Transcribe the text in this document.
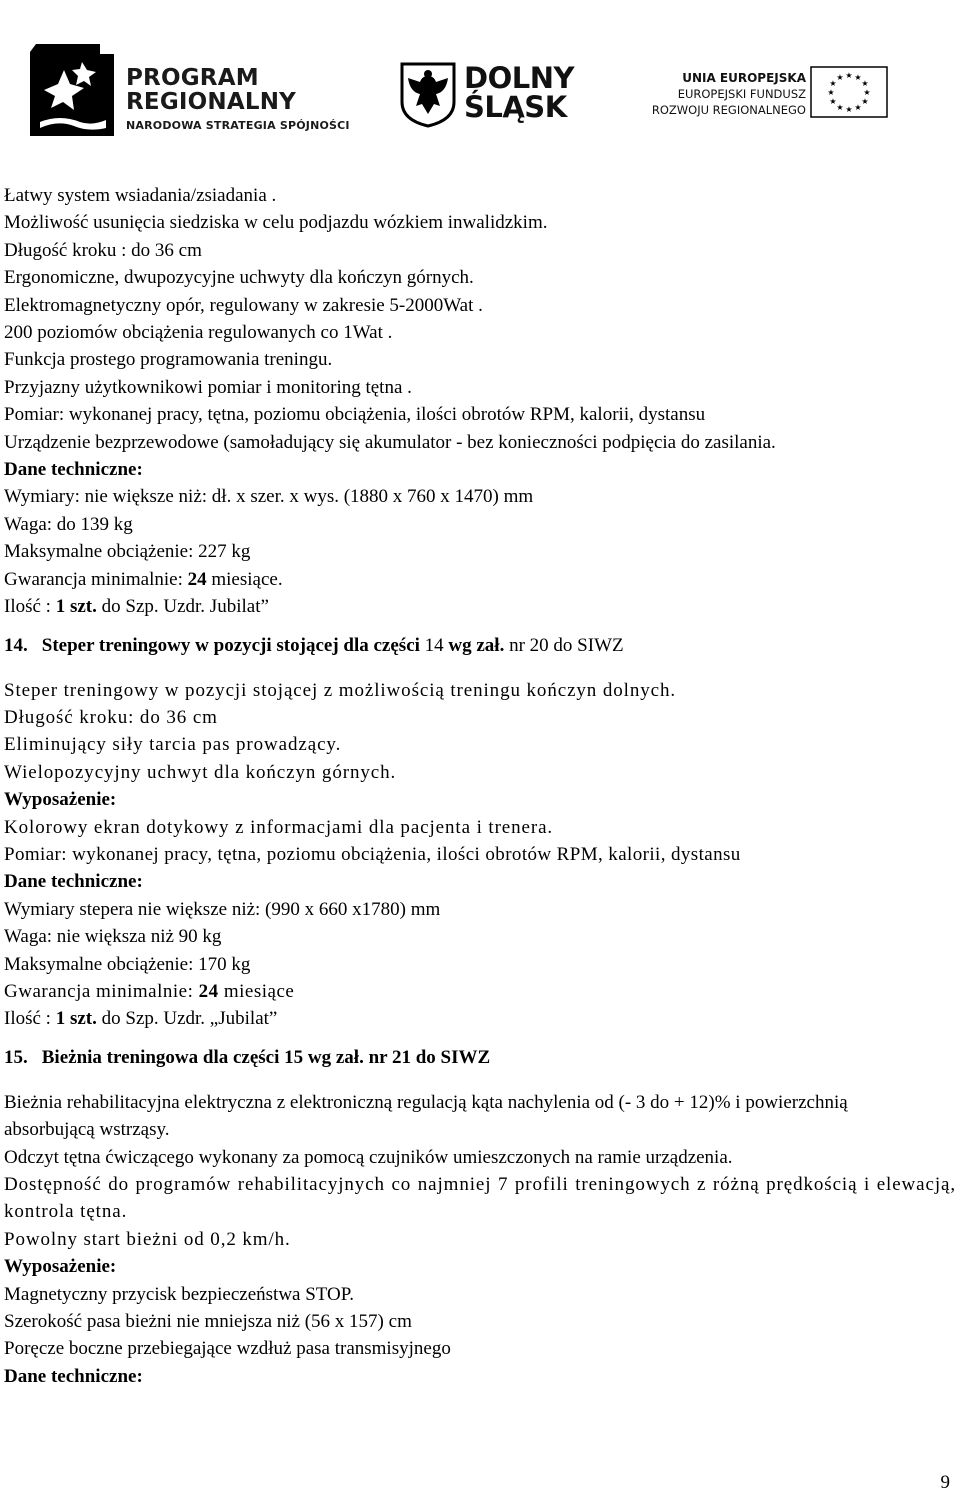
PROGRAM
REGIONALNY
NARODOWA STRATEGIA SPÓJNOŚCI
DOLNY
ŚLĄSK
UNIA EUROPEJSKA
EUROPEJSKI FUNDUSZ
ROZWOJU REGIONALNEGO
★ ★
★
★
★
★
★
★
★
★
★
★
Łatwy system wsiadania/zsiadania .
Możliwość usunięcia siedziska w celu podjazdu wózkiem inwalidzkim.
Długość kroku : do 36 cm
Ergonomiczne, dwupozycyjne uchwyty dla kończyn górnych.
Elektromagnetyczny opór, regulowany w zakresie 5-2000Wat .
200 poziomów obciążenia regulowanych co 1Wat .
Funkcja prostego programowania treningu.
Przyjazny użytkownikowi pomiar i monitoring tętna .
Pomiar: wykonanej pracy, tętna, poziomu obciążenia, ilości obrotów RPM, kalorii, dystansu
Urządzenie bezprzewodowe (samoładujący się akumulator - bez konieczności podpięcia do zasilania.
Dane techniczne:
Wymiary: nie większe niż: dł. x szer. x wys. (1880 x 760 x 1470) mm
Waga: do 139 kg
Maksymalne obciążenie: 227 kg
Gwarancja minimalnie: 24 miesiące.
Ilość : 1 szt. do Szp. Uzdr. Jubilat”
14. Steper treningowy w pozycji stojącej dla części 14 wg zał. nr 20 do SIWZ
Steper treningowy w pozycji stojącej z możliwością treningu kończyn dolnych.
Długość kroku: do 36 cm
Eliminujący siły tarcia pas prowadzący.
Wielopozycyjny uchwyt dla kończyn górnych.
Wyposażenie:
Kolorowy ekran dotykowy z informacjami dla pacjenta i trenera.
Pomiar: wykonanej pracy, tętna, poziomu obciążenia, ilości obrotów RPM, kalorii, dystansu
Dane techniczne:
Wymiary stepera nie większe niż: (990 x 660 x1780) mm
Waga: nie większa niż 90 kg
Maksymalne obciążenie: 170 kg
Gwarancja minimalnie: 24 miesiące
Ilość : 1 szt. do Szp. Uzdr. „Jubilat”
15. Bieżnia treningowa dla części 15 wg zał. nr 21 do SIWZ
Bieżnia rehabilitacyjna elektryczna z elektroniczną regulacją kąta nachylenia od (- 3 do + 12)% i powierzchnią absorbującą wstrząsy.
Odczyt tętna ćwiczącego wykonany za pomocą czujników umieszczonych na ramie urządzenia.
Dostępność do programów rehabilitacyjnych co najmniej 7 profili treningowych z różną prędkością i elewacją, kontrola tętna.
Powolny start bieżni od 0,2 km/h.
Wyposażenie:
Magnetyczny przycisk bezpieczeństwa STOP.
Szerokość pasa bieżni nie mniejsza niż (56 x 157) cm
Poręcze boczne przebiegające wzdłuż pasa transmisyjnego
Dane techniczne:
9
